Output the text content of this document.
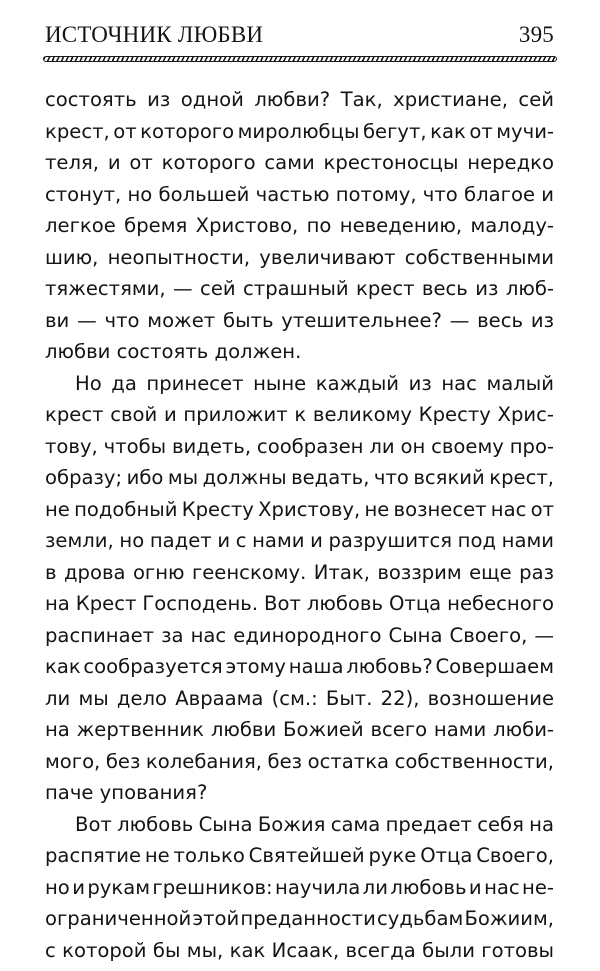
ИСТОЧНИК ЛЮБВИ	395
состоять из одной любви? Так, христиане, сей
крест, от которого миролюбцы бегут, как от мучи-
теля, и от которого сами крестоносцы нередко
стонут, но большей частью потому, что благое и
легкое бремя Христово, по неведению, малоду-
шию, неопытности, увеличивают собственными
тяжестями, — сей страшный крест весь из люб-
ви — что может быть утешительнее? — весь из
любви состоять должен.
Но да принесет ныне каждый из нас малый
крест свой и приложит к великому Кресту Хрис-
тову, чтобы видеть, сообразен ли он своему про-
образу; ибо мы должны ведать, что всякий крест,
не подобный Кресту Христову, не вознесет нас от
земли, но падет и с нами и разрушится под нами
в дрова огню геенскому. Итак, воззрим еще раз
на Крест Господень. Вот любовь Отца небесного
распинает за нас единородного Сына Своего, —
как сообразуется этому наша любовь? Совершаем
ли мы дело Авраама (см.: Быт. 22), возношение
на жертвенник любви Божией всего нами люби-
мого, без колебания, без остатка собственности,
паче упования?
Вот любовь Сына Божия сама предает себя на
распятие не только Святейшей руке Отца Своего,
но и рукам грешников: научила ли любовь и нас не-
ограниченной этой преданности судьбам Божиим,
с которой бы мы, как Исаак, всегда были готовы
